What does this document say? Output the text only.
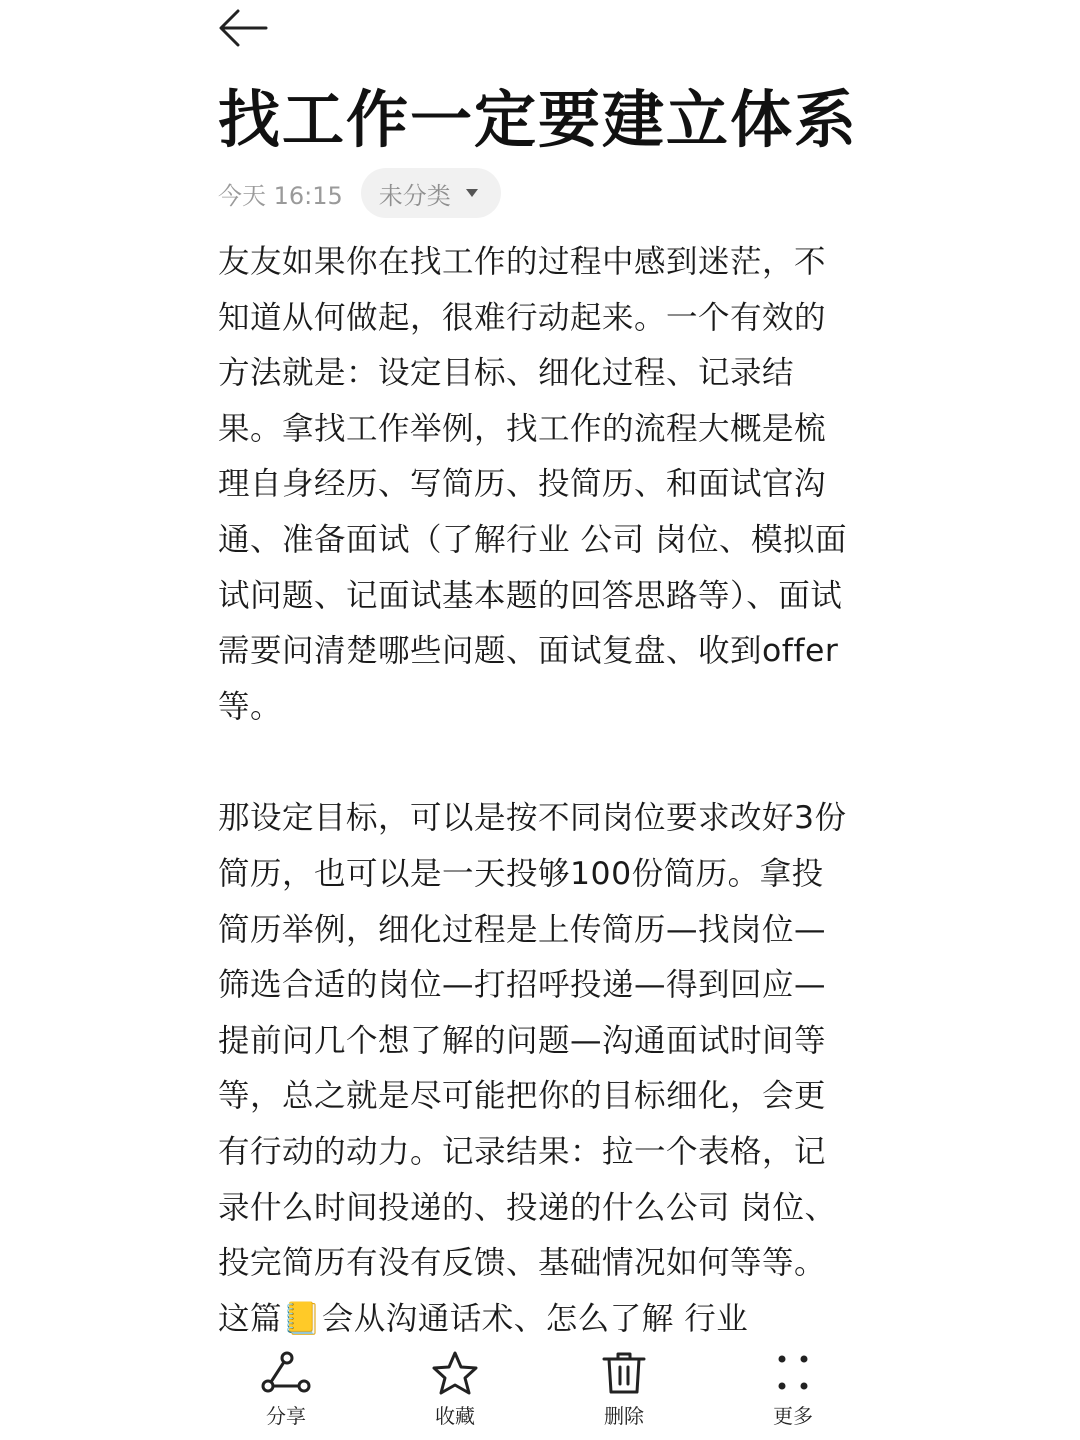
找工作一定要建立体系
今天 16:15 未分类

友友如果你在找工作的过程中感到迷茫，不知道从何做起，很难行动起来。一个有效的方法就是：设定目标、细化过程、记录结果。拿找工作举例，找工作的流程大概是梳理自身经历、写简历、投简历、和面试官沟通、准备面试（了解行业 公司 岗位、模拟面试问题、记面试基本题的回答思路等）、面试需要问清楚哪些问题、面试复盘、收到offer等。

那设定目标，可以是按不同岗位要求改好3份简历，也可以是一天投够100份简历。拿投简历举例，细化过程是上传简历—找岗位—筛选合适的岗位—打招呼投递—得到回应—提前问几个想了解的问题—沟通面试时间等等，总之就是尽可能把你的目标细化，会更有行动的动力。记录结果：拉一个表格，记录什么时间投递的、投递的什么公司 岗位、投完简历有没有反馈、基础情况如何等等。这篇📒会从沟通话术、怎么了解 行业

分享	收藏	删除	更多
